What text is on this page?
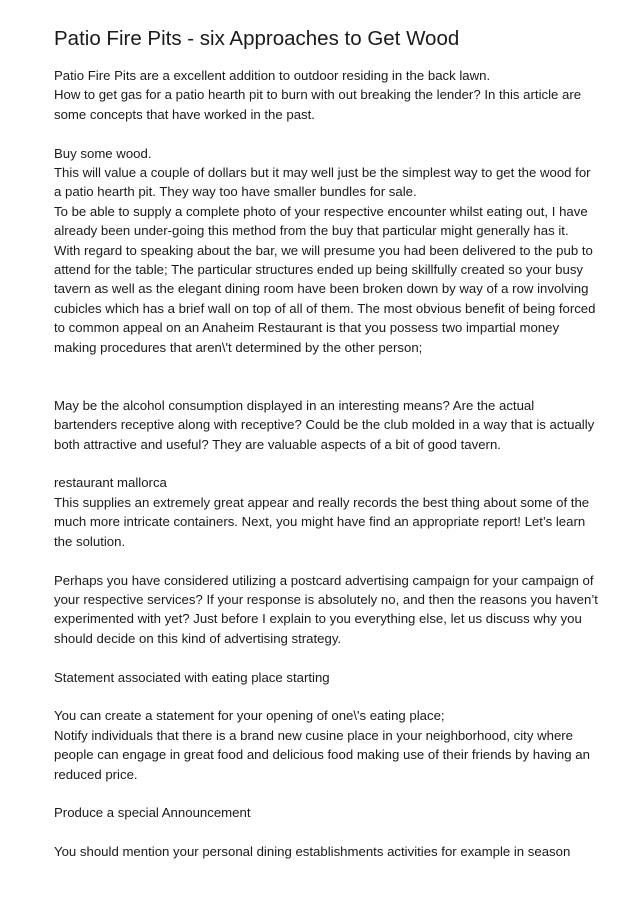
Patio Fire Pits - six Approaches to Get Wood
Patio Fire Pits are a excellent addition to outdoor residing in the back lawn.
How to get gas for a patio hearth pit to burn with out breaking the lender? In this article are
some concepts that have worked in the past.
Buy some wood.
This will value a couple of dollars but it may well just be the simplest way to get the wood for
a patio hearth pit. They way too have smaller bundles for sale.
To be able to supply a complete photo of your respective encounter whilst eating out, I have
already been under-going this method from the buy that particular might generally has it.
With regard to speaking about the bar, we will presume you had been delivered to the pub to
attend for the table; The particular structures ended up being skillfully created so your busy
tavern as well as the elegant dining room have been broken down by way of a row involving
cubicles which has a brief wall on top of all of them. The most obvious benefit of being forced
to common appeal on an Anaheim Restaurant is that you possess two impartial money
making procedures that aren\'t determined by the other person;
May be the alcohol consumption displayed in an interesting means? Are the actual
bartenders receptive along with receptive? Could be the club molded in a way that is actually
both attractive and useful? They are valuable aspects of a bit of good tavern.
restaurant mallorca
This supplies an extremely great appear and really records the best thing about some of the
much more intricate containers. Next, you might have find an appropriate report! Let’s learn
the solution.
Perhaps you have considered utilizing a postcard advertising campaign for your campaign of
your respective services? If your response is absolutely no, and then the reasons you haven’t
experimented with yet? Just before I explain to you everything else, let us discuss why you
should decide on this kind of advertising strategy.
Statement associated with eating place starting
You can create a statement for your opening of one\'s eating place;
Notify individuals that there is a brand new cusine place in your neighborhood, city where
people can engage in great food and delicious food making use of their friends by having an
reduced price.
Produce a special Announcement
You should mention your personal dining establishments activities for example in season
